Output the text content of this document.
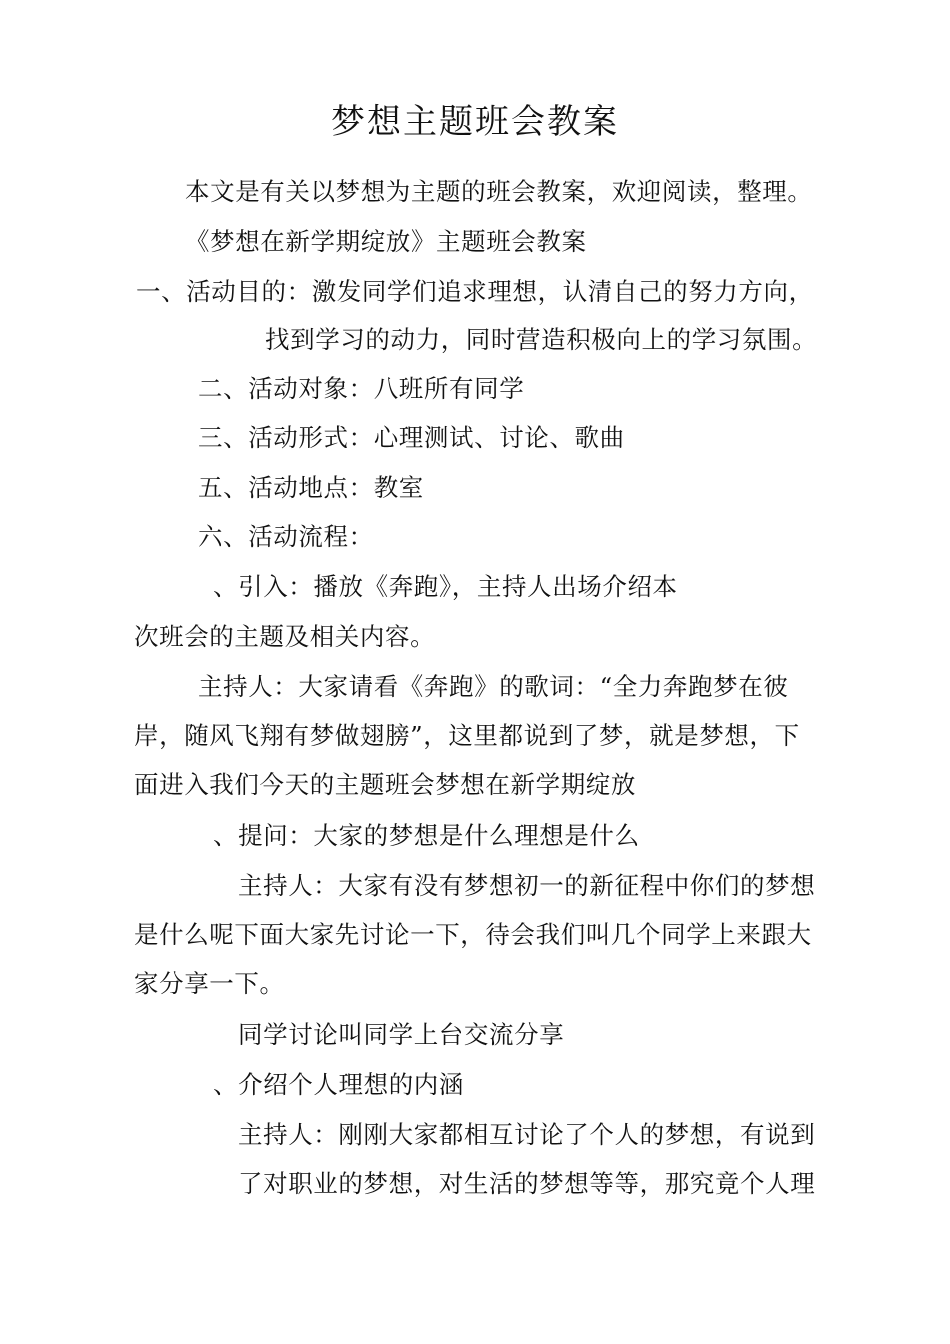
梦想主题班会教案
本文是有关以梦想为主题的班会教案，欢迎阅读，整理。
《梦想在新学期绽放》主题班会教案
一、活动目的：激发同学们追求理想，认清自己的努力方向，
找到学习的动力，同时营造积极向上的学习氛围。
二、活动对象：八班所有同学
三、活动形式：心理测试、讨论、歌曲
五、活动地点：教室
六、活动流程：
、引入：播放《奔跑》，主持人出场介绍本
次班会的主题及相关内容。
主持人：大家请看《奔跑》的歌词：“全力奔跑梦在彼
岸，随风飞翔有梦做翅膀”，这里都说到了梦，就是梦想，下
面进入我们今天的主题班会梦想在新学期绽放
、提问：大家的梦想是什么理想是什么
主持人：大家有没有梦想初一的新征程中你们的梦想
是什么呢下面大家先讨论一下，待会我们叫几个同学上来跟大
家分享一下。
同学讨论叫同学上台交流分享
、介绍个人理想的内涵
主持人：刚刚大家都相互讨论了个人的梦想，有说到
了对职业的梦想，对生活的梦想等等，那究竟个人理
